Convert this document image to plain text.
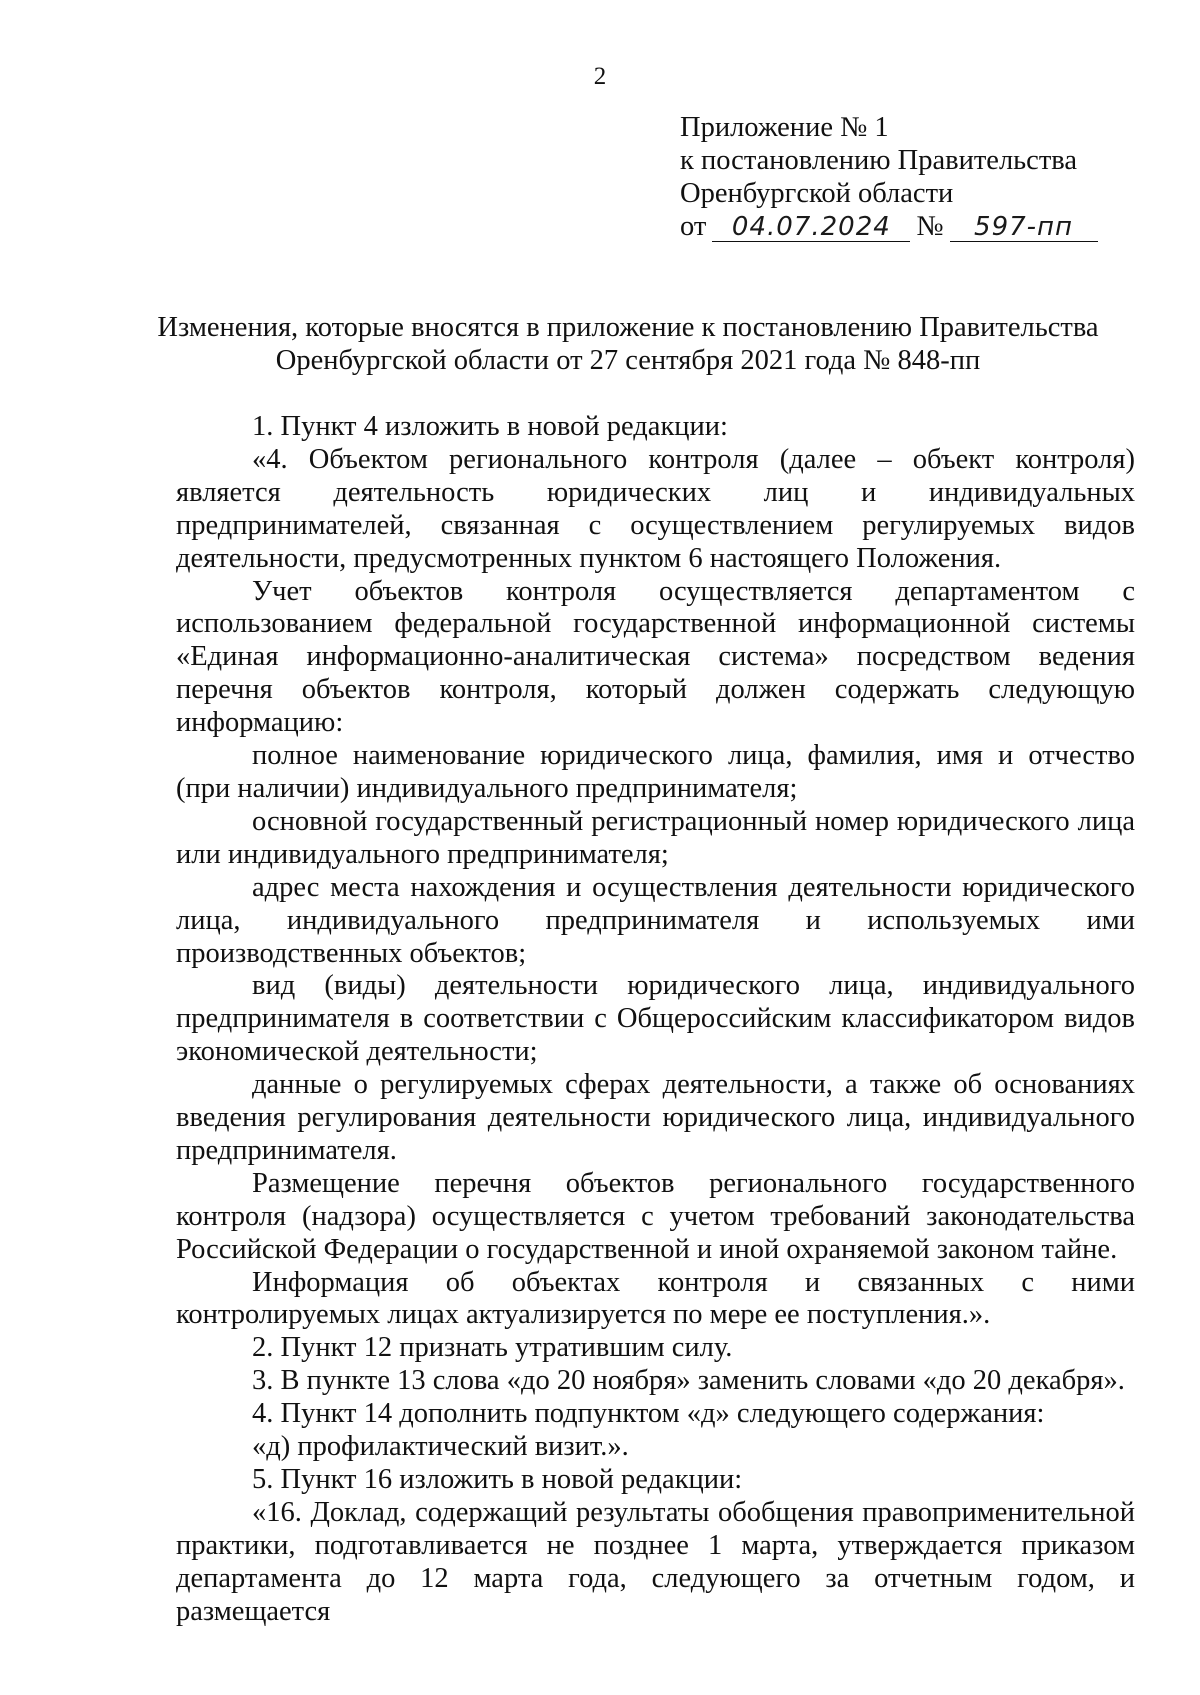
2
Приложение № 1
к постановлению Правительства
Оренбургской области
от 04.07.2024 № 597-пп
Изменения, которые вносятся в приложение к постановлению Правительства
Оренбургской области от 27 сентября 2021 года № 848-пп

1. Пункт 4 изложить в новой редакции:

«4. Объектом регионального контроля (далее – объект контроля) является деятельность юридических лиц и индивидуальных предпринимателей, связанная с осуществлением регулируемых видов деятельности, предусмотренных пунктом 6 настоящего Положения.

Учет объектов контроля осуществляется департаментом с использованием федеральной государственной информационной системы «Единая информационно-аналитическая система» посредством ведения перечня объектов контроля, который должен содержать следующую информацию:

полное наименование юридического лица, фамилия, имя и отчество (при наличии) индивидуального предпринимателя;

основной государственный регистрационный номер юридического лица или индивидуального предпринимателя;

адрес места нахождения и осуществления деятельности юридического лица, индивидуального предпринимателя и используемых ими производственных объектов;

вид (виды) деятельности юридического лица, индивидуального предпринимателя в соответствии с Общероссийским классификатором видов экономической деятельности;

данные о регулируемых сферах деятельности, а также об основаниях введения регулирования деятельности юридического лица, индивидуального предпринимателя.

Размещение перечня объектов регионального государственного контроля (надзора) осуществляется с учетом требований законодательства Российской Федерации о государственной и иной охраняемой законом тайне.

Информация об объектах контроля и связанных с ними контролируемых лицах актуализируется по мере ее поступления.».

2. Пункт 12 признать утратившим силу.

3. В пункте 13 слова «до 20 ноября» заменить словами «до 20 декабря».

4. Пункт 14 дополнить подпунктом «д» следующего содержания:

«д) профилактический визит.».

5. Пункт 16 изложить в новой редакции:

«16. Доклад, содержащий результаты обобщения правоприменительной практики, подготавливается не позднее 1 марта, утверждается приказом департамента до 12 марта года, следующего за отчетным годом, и размещается
